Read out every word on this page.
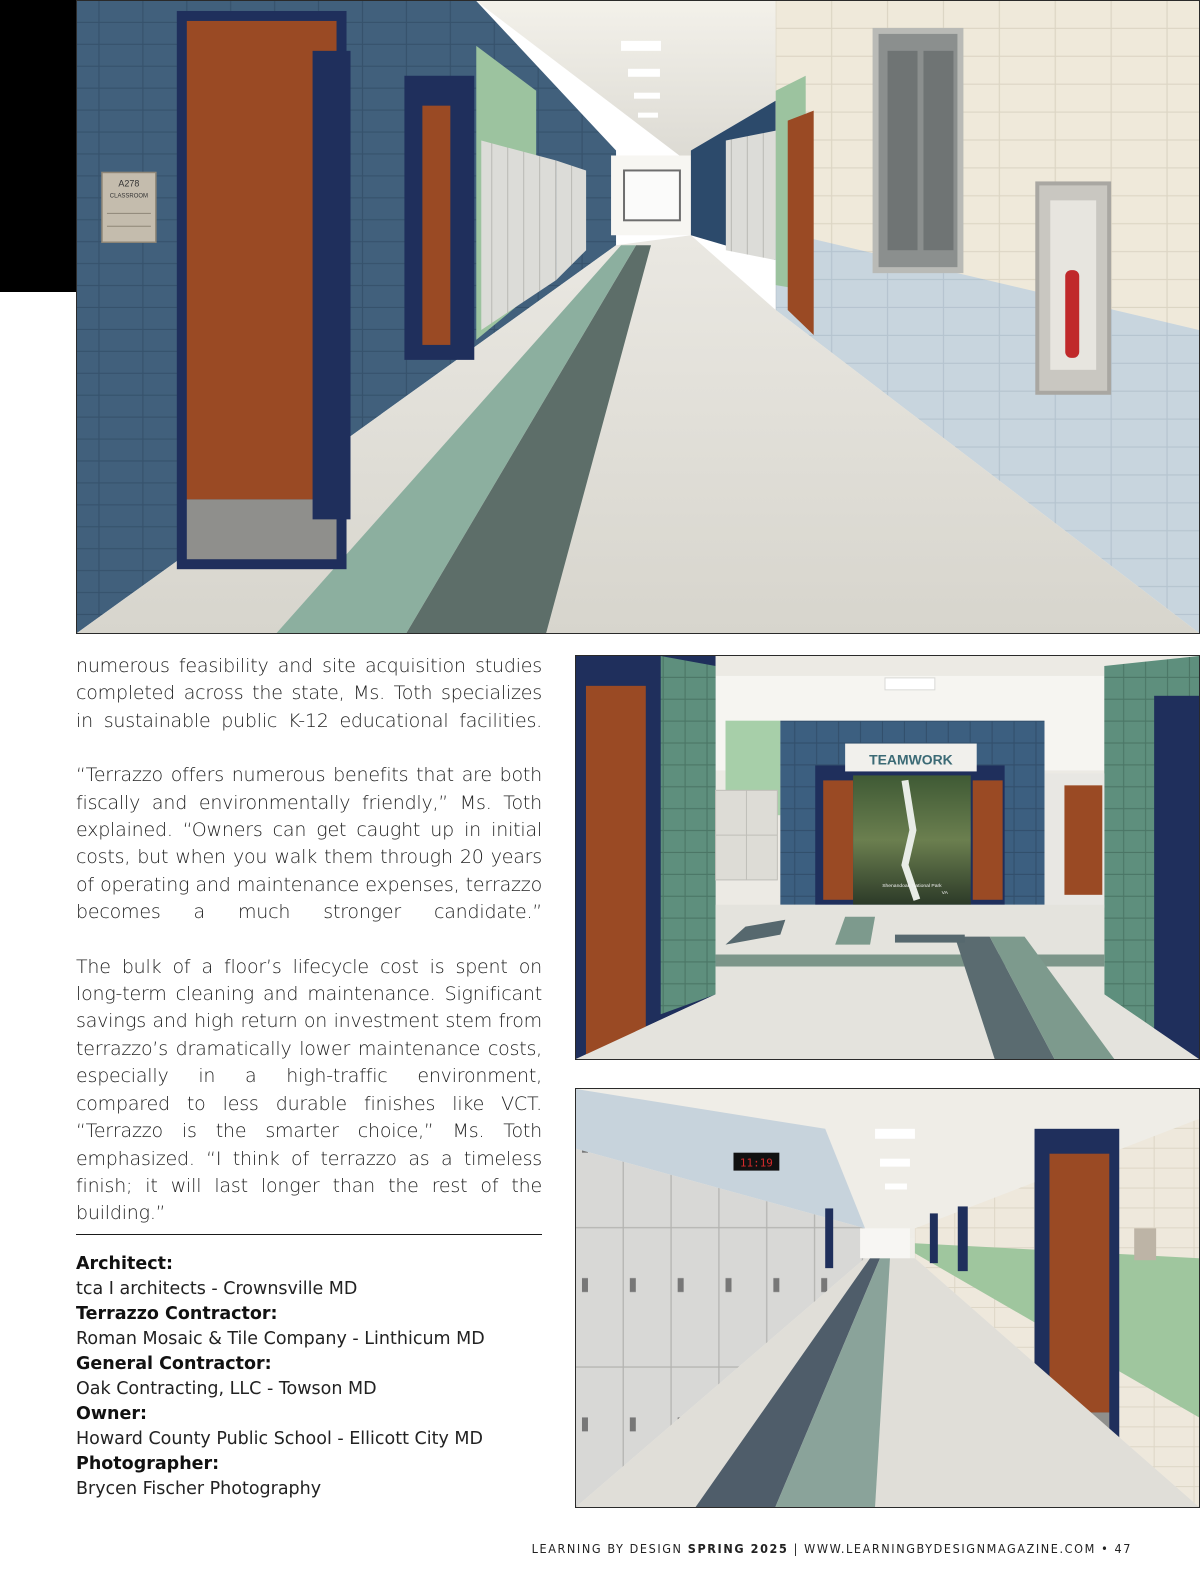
A278
CLASSROOM
Shenandoah National Park
VA
TEAMWORK
11:19

numerous feasibility and site acquisition studies completed across the state, Ms. Toth specializes in sustainable public K-12 educational facilities.

“Terrazzo offers numerous benefits that are both fiscally and environmentally friendly,” Ms. Toth explained. “Owners can get caught up in initial costs, but when you walk them through 20 years of operating and maintenance expenses, terrazzo becomes a much stronger candidate.”

The bulk of a floor’s lifecycle cost is spent on long-term cleaning and maintenance. Significant savings and high return on investment stem from terrazzo’s dramatically lower maintenance costs, especially in a high-traffic environment, compared to less durable finishes like VCT. “Terrazzo is the smarter choice,” Ms. Toth emphasized. “I think of terrazzo as a timeless finish; it will last longer than the rest of the building.”

Architect:
tca I architects - Crownsville MD
Terrazzo Contractor:
Roman Mosaic & Tile Company - Linthicum MD
General Contractor:
Oak Contracting, LLC - Towson MD
Owner:
Howard County Public School - Ellicott City MD
Photographer:
Brycen Fischer Photography
LEARNING BY DESIGN SPRING 2025 | WWW.LEARNINGBYDESIGNMAGAZINE.COM • 47
